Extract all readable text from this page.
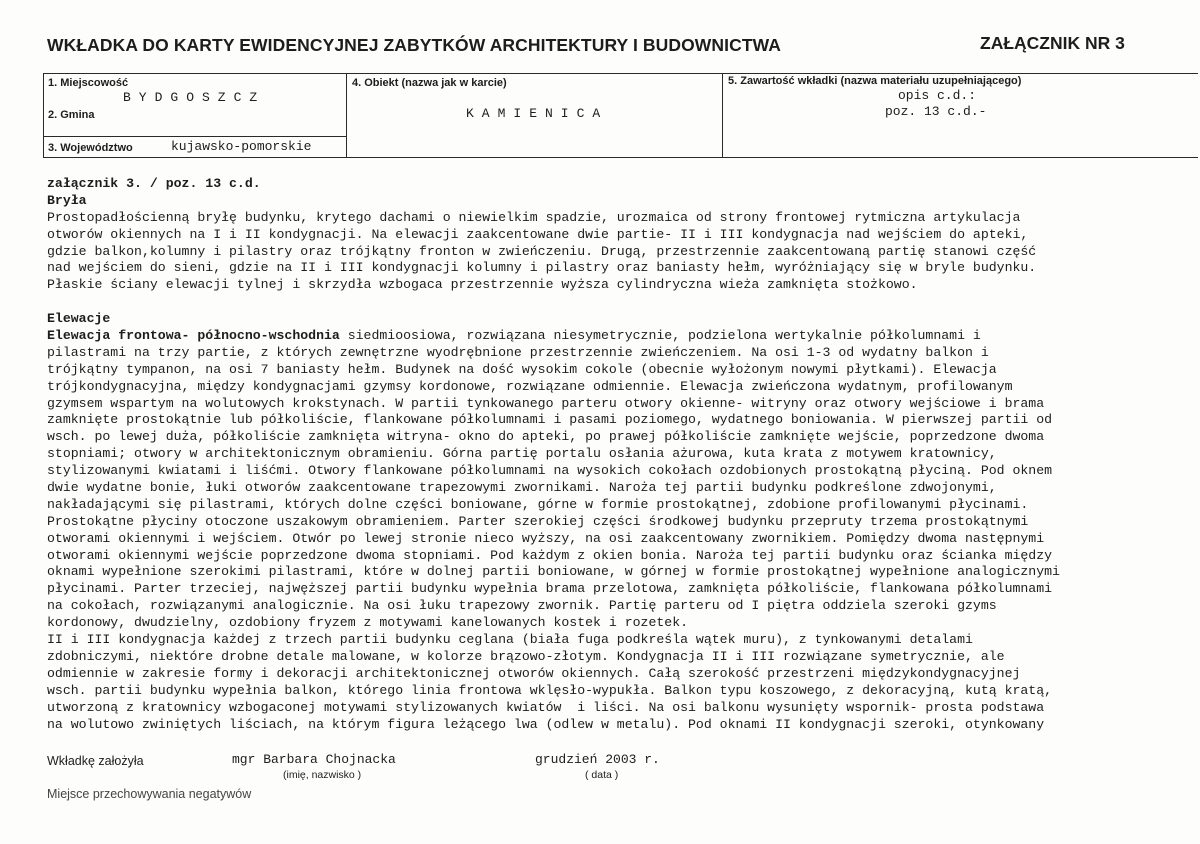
WKŁADKA DO KARTY EWIDENCYJNEJ ZABYTKÓW ARCHITEKTURY I BUDOWNICTWA	ZAŁĄCZNIK NR 3
1. Miejscowość
BYDGOSZCZ
2. Gmina
3. Województwo	kujawsko-pomorskie
4. Obiekt (nazwa jak w karcie)
KAMIENICA
5. Zawartość wkładki (nazwa materiału uzupełniającego)
opis c.d.:
poz. 13 c.d.-
załącznik 3. / poz. 13 c.d.
Bryła
Prostopadłościenną bryłę budynku, krytego dachami o niewielkim spadzie, urozmaica od strony frontowej rytmiczna artykulacja
otworów okiennych na I i II kondygnacji. Na elewacji zaakcentowane dwie partie- II i III kondygnacja nad wejściem do apteki,
gdzie balkon,kolumny i pilastry oraz trójkątny fronton w zwieńczeniu. Drugą, przestrzennie zaakcentowaną partię stanowi część
nad wejściem do sieni, gdzie na II i III kondygnacji kolumny i pilastry oraz baniasty hełm, wyróżniający się w bryle budynku.
Płaskie ściany elewacji tylnej i skrzydła wzbogaca przestrzennie wyższa cylindryczna wieża zamknięta stożkowo.
Elewacje
Elewacja frontowa- północno-wschodnia siedmioosiowa, rozwiązana niesymetrycznie, podzielona wertykalnie półkolumnami i
pilastrami na trzy partie, z których zewnętrzne wyodrębnione przestrzennie zwieńczeniem. Na osi 1-3 od wydatny balkon i
trójkątny tympanon, na osi 7 baniasty hełm. Budynek na dość wysokim cokole (obecnie wyłożonym nowymi płytkami). Elewacja
trójkondygnacyjna, między kondygnacjami gzymsy kordonowe, rozwiązane odmiennie. Elewacja zwieńczona wydatnym, profilowanym
gzymsem wspartym na wolutowych krokstynach. W partii tynkowanego parteru otwory okienne- witryny oraz otwory wejściowe i brama
zamknięte prostokątnie lub półkoliście, flankowane półkolumnami i pasami poziomego, wydatnego boniowania. W pierwszej partii od
wsch. po lewej duża, półkoliście zamknięta witryna- okno do apteki, po prawej półkoliście zamknięte wejście, poprzedzone dwoma
stopniami; otwory w architektonicznym obramieniu. Górna partię portalu osłania ażurowa, kuta krata z motywem kratownicy,
stylizowanymi kwiatami i liśćmi. Otwory flankowane półkolumnami na wysokich cokołach ozdobionych prostokątną płyciną. Pod oknem
dwie wydatne bonie, łuki otworów zaakcentowane trapezowymi zwornikami. Naroża tej partii budynku podkreślone zdwojonymi,
nakładającymi się pilastrami, których dolne części boniowane, górne w formie prostokątnej, zdobione profilowanymi płycinami.
Prostokątne płyciny otoczone uszakowym obramieniem. Parter szerokiej części środkowej budynku przepruty trzema prostokątnymi
otworami okiennymi i wejściem. Otwór po lewej stronie nieco wyższy, na osi zaakcentowany zwornikiem. Pomiędzy dwoma następnymi
otworami okiennymi wejście poprzedzone dwoma stopniami. Pod każdym z okien bonia. Naroża tej partii budynku oraz ścianka między
oknami wypełnione szerokimi pilastrami, które w dolnej partii boniowane, w górnej w formie prostokątnej wypełnione analogicznymi
płycinami. Parter trzeciej, najwęższej partii budynku wypełnia brama przelotowa, zamknięta półkoliście, flankowana półkolumnami
na cokołach, rozwiązanymi analogicznie. Na osi łuku trapezowy zwornik. Partię parteru od I piętra oddziela szeroki gzyms
kordonowy, dwudzielny, ozdobiony fryzem z motywami kanelowanych kostek i rozetek.
II i III kondygnacja każdej z trzech partii budynku ceglana (biała fuga podkreśla wątek muru), z tynkowanymi detalami
zdobniczymi, niektóre drobne detale malowane, w kolorze brązowo-złotym. Kondygnacja II i III rozwiązane symetrycznie, ale
odmiennie w zakresie formy i dekoracji architektonicznej otworów okiennych. Całą szerokość przestrzeni międzykondygnacyjnej
wsch. partii budynku wypełnia balkon, którego linia frontowa wklęsło-wypukła. Balkon typu koszowego, z dekoracyjną, kutą kratą,
utworzoną z kratownicy wzbogaconej motywami stylizowanych kwiatów  i liści. Na osi balkonu wysunięty wspornik- prosta podstawa
na wolutowo zwiniętych liściach, na którym figura leżącego lwa (odlew w metalu). Pod oknami II kondygnacji szeroki, otynkowany
Wkładkę założyła	mgr Barbara Chojnacka
(imię, nazwisko )
grudzień 2003 r.
( data )
Miejsce przechowywania negatywów
